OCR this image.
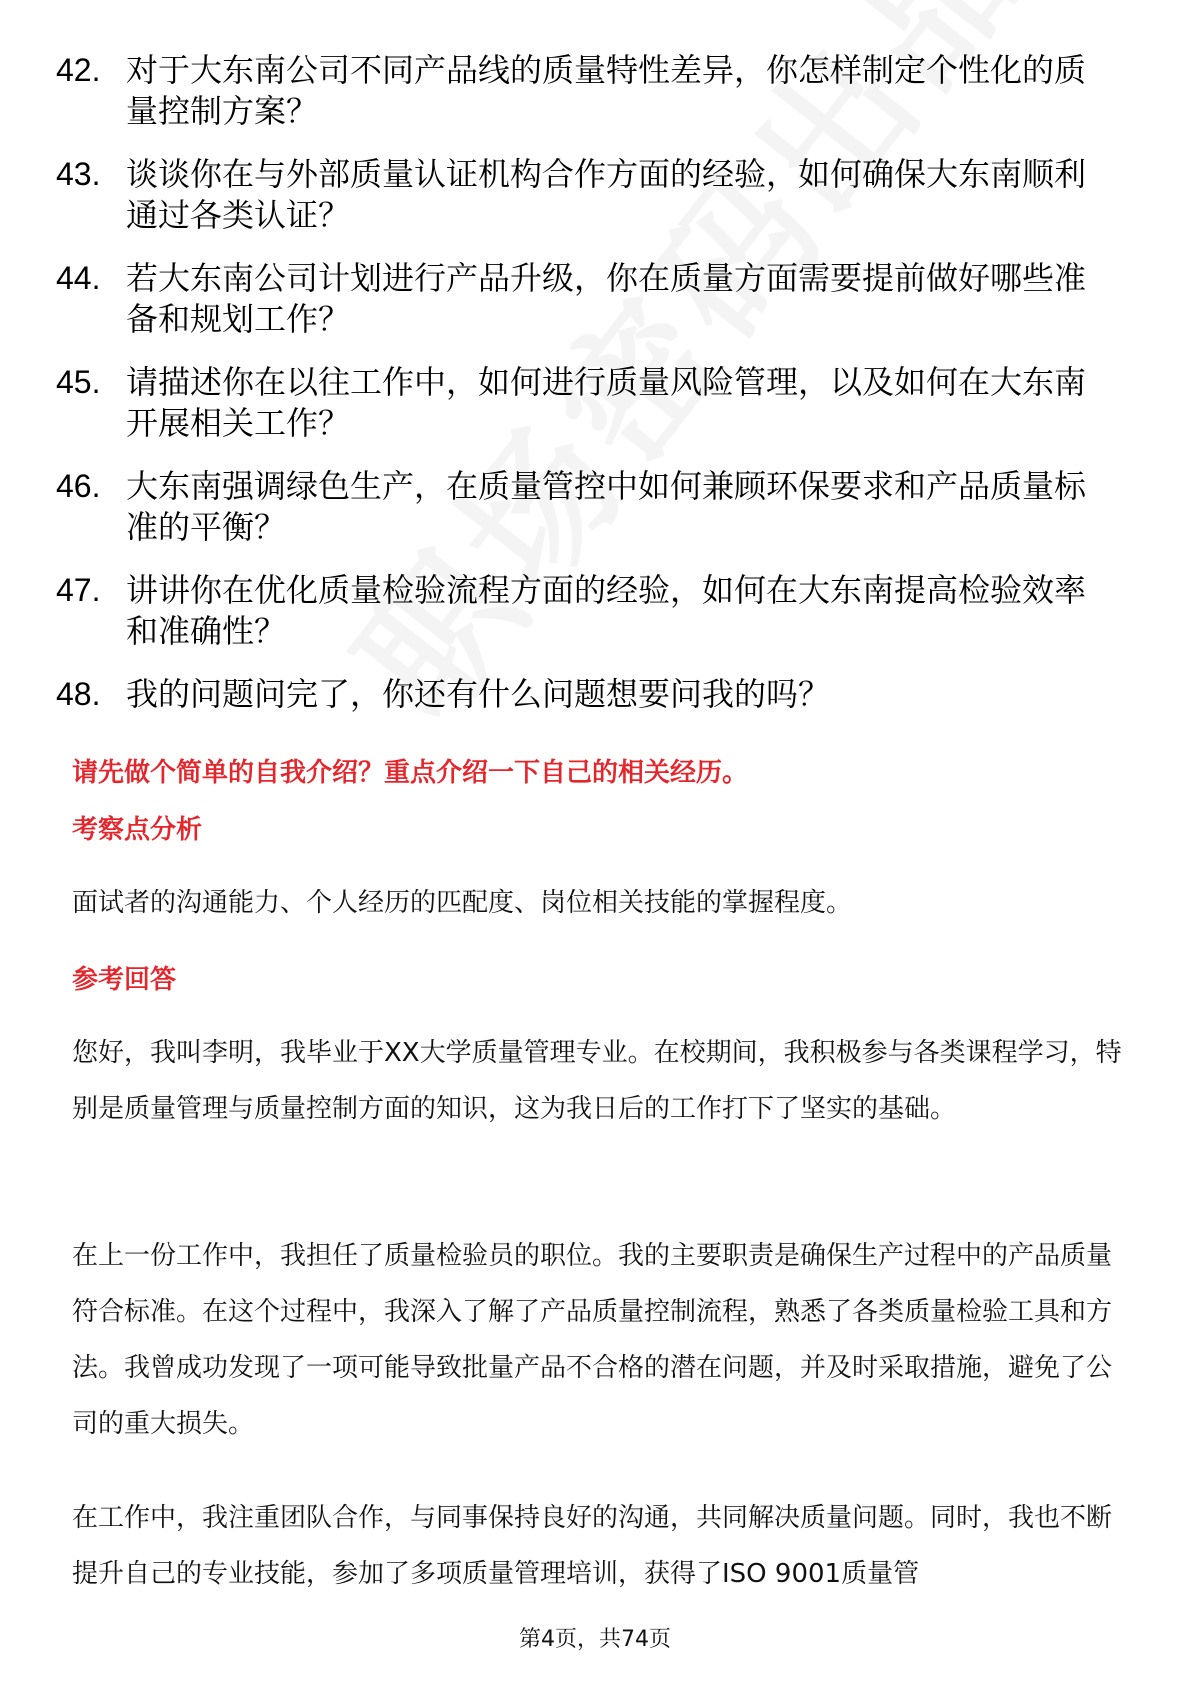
42. 对于大东南公司不同产品线的质量特性差异，你怎样制定个性化的质量控制方案？
43. 谈谈你在与外部质量认证机构合作方面的经验，如何确保大东南顺利通过各类认证？
44. 若大东南公司计划进行产品升级，你在质量方面需要提前做好哪些准备和规划工作？
45. 请描述你在以往工作中，如何进行质量风险管理，以及如何在大东南开展相关工作？
46. 大东南强调绿色生产，在质量管控中如何兼顾环保要求和产品质量标准的平衡？
47. 讲讲你在优化质量检验流程方面的经验，如何在大东南提高检验效率和准确性？
48. 我的问题问完了，你还有什么问题想要问我的吗？
请先做个简单的自我介绍？重点介绍一下自己的相关经历。
考察点分析
面试者的沟通能力、个人经历的匹配度、岗位相关技能的掌握程度。
参考回答
您好，我叫李明，我毕业于XX大学质量管理专业。在校期间，我积极参与各类课程学习，特别是质量管理与质量控制方面的知识，这为我日后的工作打下了坚实的基础。
在上一份工作中，我担任了质量检验员的职位。我的主要职责是确保生产过程中的产品质量符合标准。在这个过程中，我深入了解了产品质量控制流程，熟悉了各类质量检验工具和方法。我曾成功发现了一项可能导致批量产品不合格的潜在问题，并及时采取措施，避免了公司的重大损失。
在工作中，我注重团队合作，与同事保持良好的沟通，共同解决质量问题。同时，我也不断提升自己的专业技能，参加了多项质量管理培训，获得了ISO 9001质量管
第4页，共74页
